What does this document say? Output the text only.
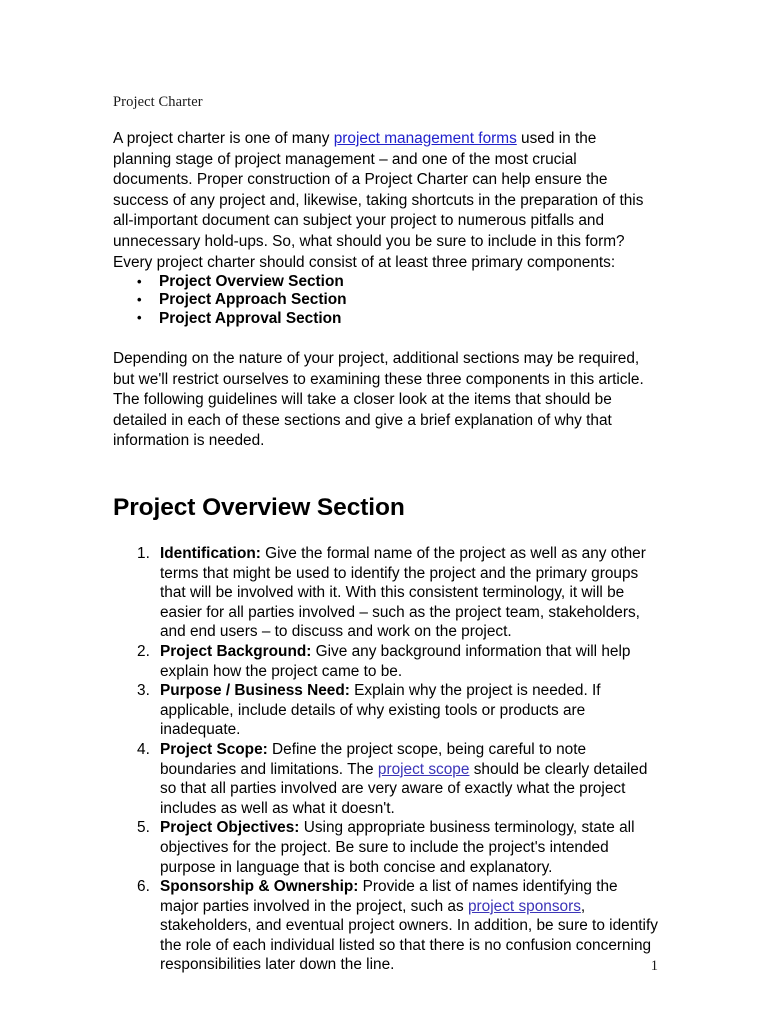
Project Charter

A project charter is one of many project management forms used in the planning stage of project management – and one of the most crucial documents. Proper construction of a Project Charter can help ensure the success of any project and, likewise, taking shortcuts in the preparation of this all-important document can subject your project to numerous pitfalls and unnecessary hold-ups. So, what should you be sure to include in this form?

Every project charter should consist of at least three primary components:

• Project Overview Section
• Project Approach Section
• Project Approval Section

Depending on the nature of your project, additional sections may be required, but we'll restrict ourselves to examining these three components in this article. The following guidelines will take a closer look at the items that should be detailed in each of these sections and give a brief explanation of why that information is needed.

Project Overview Section
Identification: Give the formal name of the project as well as any other terms that might be used to identify the project and the primary groups that will be involved with it. With this consistent terminology, it will be easier for all parties involved – such as the project team, stakeholders, and end users – to discuss and work on the project.
Project Background: Give any background information that will help explain how the project came to be.
Purpose / Business Need: Explain why the project is needed. If applicable, include details of why existing tools or products are inadequate.
Project Scope: Define the project scope, being careful to note boundaries and limitations. The project scope should be clearly detailed so that all parties involved are very aware of exactly what the project includes as well as what it doesn't.
Project Objectives: Using appropriate business terminology, state all objectives for the project. Be sure to include the project's intended purpose in language that is both concise and explanatory.
Sponsorship & Ownership: Provide a list of names identifying the major parties involved in the project, such as project sponsors, stakeholders, and eventual project owners. In addition, be sure to identify the role of each individual listed so that there is no confusion concerning responsibilities later down the line.	1
